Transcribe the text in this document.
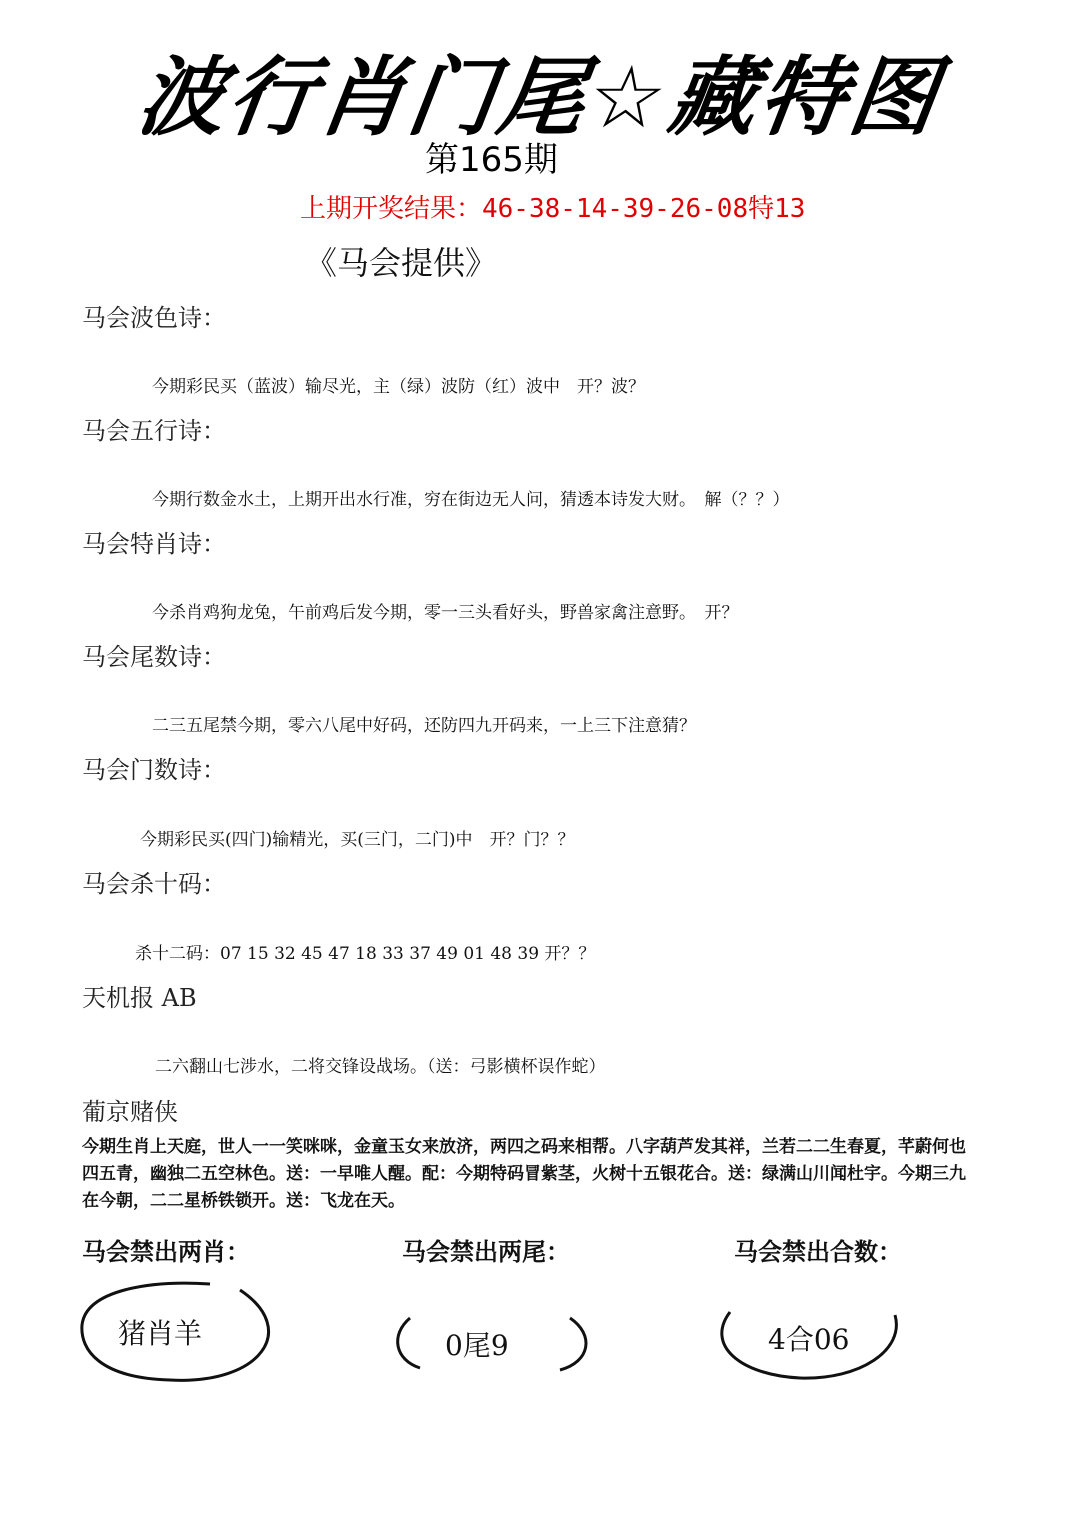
波行肖门尾☆藏特图
第165期
上期开奖结果：46-38-14-39-26-08特13
《马会提供》
马会波色诗：
今期彩民买（蓝波）输尽光，主（绿）波防（红）波中　开？波？
马会五行诗：
今期行数金水土，上期开出水行准，穷在街边无人问，猜透本诗发大财。　解（？？）
马会特肖诗：
今杀肖鸡狗龙兔，午前鸡后发今期，零一三头看好头，野兽家禽注意野。　开？
马会尾数诗：
二三五尾禁今期，零六八尾中好码，还防四九开码来，一上三下注意猜？
马会门数诗：
今期彩民买(四门)输精光，买(三门，二门)中　开？门？？
马会杀十码：
杀十二码：07 15 32 45 47 18 33 37 49 01 48 39 开？？
天机报 AB
二六翻山七涉水，二将交锋设战场。（送：弓影横杯误作蛇）
葡京赌侠
今期生肖上天庭，世人一一笑咪咪，金童玉女来放济，两四之码来相帮。八字葫芦发其祥，兰若二二生春夏，芊蔚何也四五青，幽独二五空林色。送：一早唯人醒。配：今期特码冒紫茎，火树十五银花合。送：绿满山川闻杜宇。今期三九在今朝，二二星桥铁锁开。送：飞龙在天。
马会禁出两肖：	马会禁出两尾：	马会禁出合数：
猪肖羊	0尾9	4合06
